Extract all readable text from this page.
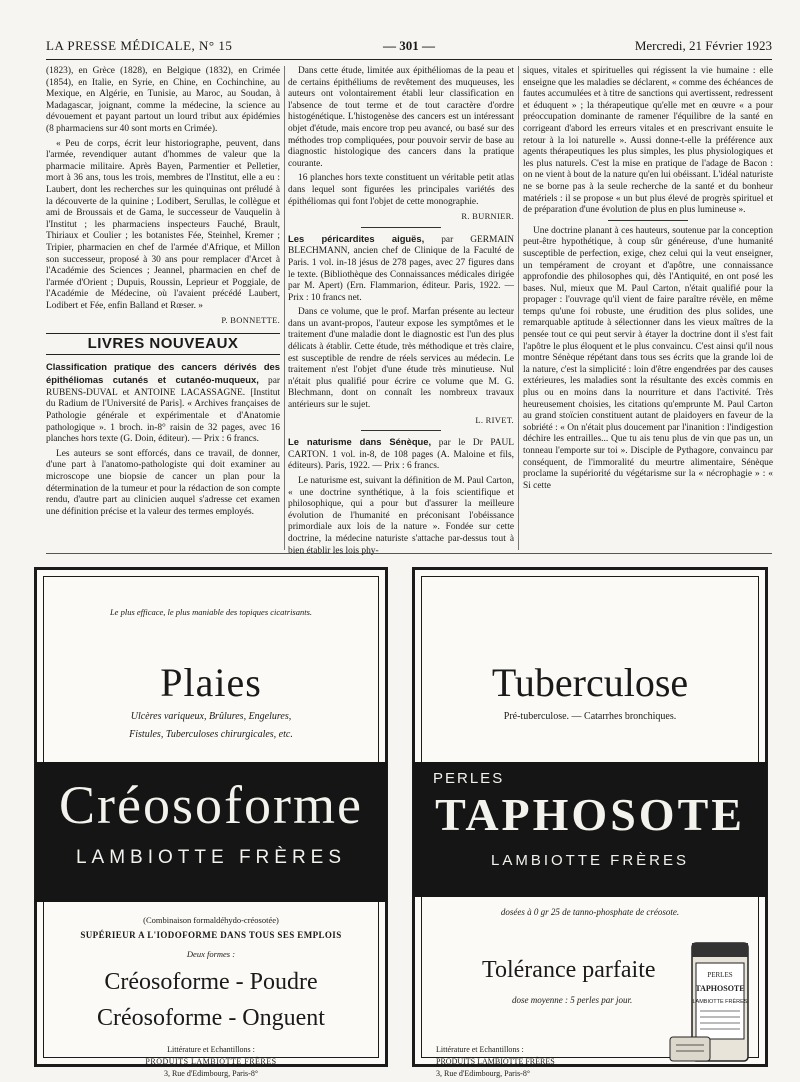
LA PRESSE MÉDICALE, N° 15	— 301 —	Mercredi, 21 Février 1923

(1823), en Grèce (1828), en Belgique (1832), en Crimée (1854), en Italie, en Syrie, en Chine, en Cochinchine, au Mexique, en Algérie, en Tunisie, au Maroc, au Soudan, à Madagascar, joignant, comme la médecine, la science au dévouement et payant partout un lourd tribut aux épidémies (8 pharmaciens sur 40 sont morts en Crimée).

« Peu de corps, écrit leur historiographe, peuvent, dans l'armée, revendiquer autant d'hommes de valeur que la pharmacie militaire. Après Bayen, Parmentier et Pelletier, mort à 36 ans, tous les trois, membres de l'Institut, elle a eu : Laubert, dont les recherches sur les quinquinas ont préludé à la découverte de la quinine ; Lodibert, Serullas, le collègue et ami de Broussais et de Gama, le successeur de Vauquelin à l'Institut ; les pharmaciens inspecteurs Fauché, Brault, Thiriaux et Coulier ; les botanistes Fée, Steinhel, Kremer ; Tripier, pharmacien en chef de l'armée d'Afrique, et Millon son successeur, proposé à 30 ans pour remplacer d'Arcet à l'Académie des Sciences ; Jeannel, pharmacien en chef de l'armée d'Orient ; Dupuis, Roussin, Leprieur et Poggiale, de l'Académie de Médecine, où l'avaient précédé Laubert, Lodibert et Fée, enfin Balland et Rœser. »

P. BONNETTE.
LIVRES NOUVEAUX

Classification pratique des cancers dérivés des épithéliomas cutanés et cutanéo-muqueux, par RUBENS-DUVAL et ANTOINE LACASSAGNE. [Institut du Radium de l'Université de Paris]. « Archives françaises de Pathologie générale et expérimentale et d'Anatomie pathologique ». 1 broch. in-8° raisin de 32 pages, avec 16 planches hors texte (G. Doin, éditeur). — Prix : 6 francs.

Les auteurs se sont efforcés, dans ce travail, de donner, d'une part à l'anatomo-pathologiste qui doit examiner au microscope une biopsie de cancer un plan pour la détermination de la tumeur et pour la rédaction de son compte rendu, d'autre part au clinicien auquel s'adresse cet examen une définition précise et la valeur des termes employés.

Dans cette étude, limitée aux épithéliomas de la peau et de certains épithéliums de revêtement des muqueuses, les auteurs ont volontairement établi leur classification en l'absence de tout terme et de tout caractère d'ordre histogénétique. L'histogenèse des cancers est un intéressant objet d'étude, mais encore trop peu avancé, ou basé sur des méthodes trop compliquées, pour pouvoir servir de base au diagnostic histologique des cancers dans la pratique courante.

16 planches hors texte constituent un véritable petit atlas dans lequel sont figurées les principales variétés des épithéliomas qui font l'objet de cette monographie.

R. BURNIER.

Les péricardites aiguës, par GERMAIN BLECHMANN, ancien chef de Clinique de la Faculté de Paris. 1 vol. in-18 jésus de 278 pages, avec 27 figures dans le texte. (Bibliothèque des Connaissances médicales dirigée par M. Apert) (Ern. Flammarion, éditeur. Paris, 1922. — Prix : 10 francs net.

Dans ce volume, que le prof. Marfan présente au lecteur dans un avant-propos, l'auteur expose les symptômes et le traitement d'une maladie dont le diagnostic est l'un des plus délicats à établir. Cette étude, très méthodique et très claire, est susceptible de rendre de réels services au médecin. Le traitement n'est l'objet d'une étude très minutieuse. Nul n'était plus qualifié pour écrire ce volume que M. G. Blechmann, dont on connaît les nombreux travaux antérieurs sur le sujet.

L. RIVET.

Le naturisme dans Sénèque, par le Dr PAUL CARTON. 1 vol. in-8, de 108 pages (A. Maloine et fils, éditeurs). Paris, 1922. — Prix : 6 francs.

Le naturisme est, suivant la définition de M. Paul Carton, « une doctrine synthétique, à la fois scientifique et philosophique, qui a pour but d'assurer la meilleure évolution de l'humanité en préconisant l'obéissance primordiale aux lois de la nature ». Fondée sur cette doctrine, la médecine naturiste s'attache par-dessus tout à bien établir les lois phy-

siques, vitales et spirituelles qui régissent la vie humaine : elle enseigne que les maladies se déclarent, « comme des échéances de fautes accumulées et à titre de sanctions qui avertissent, redressent et éduquent » ; la thérapeutique qu'elle met en œuvre « a pour préoccupation dominante de ramener l'équilibre de la santé en corrigeant d'abord les erreurs vitales et en prescrivant ensuite le retour à la loi naturelle ». Aussi donne-t-elle la préférence aux agents thérapeutiques les plus simples, les plus physiologiques et les plus naturels. C'est la mise en pratique de l'adage de Bacon : on ne vient à bout de la nature qu'en lui obéissant. L'idéal naturiste ne se borne pas à la seule recherche de la santé et du bonheur matériels : il se propose « un but plus élevé de progrès spirituel et de préparation d'une évolution de plus en plus lumineuse ».

Une doctrine planant à ces hauteurs, soutenue par la conception peut-être hypothétique, à coup sûr généreuse, d'une humanité susceptible de perfection, exige, chez celui qui la veut enseigner, un tempérament de croyant et d'apôtre, une connaissance approfondie des philosophes qui, dès l'Antiquité, en ont posé les bases. Nul, mieux que M. Paul Carton, n'était qualifié pour la propager : l'ouvrage qu'il vient de faire paraître révèle, en même temps qu'une foi robuste, une érudition des plus solides, une remarquable aptitude à sélectionner dans les vieux maîtres de la pensée tout ce qui peut servir à étayer la doctrine dont il s'est fait l'apôtre le plus éloquent et le plus convaincu. C'est ainsi qu'il nous montre Sénèque répétant dans tous ses écrits que la grande loi de la nature, c'est la simplicité : loin d'être engendrées par des causes extérieures, les maladies sont la résultante des excès commis en plus ou en moins dans la nourriture et dans l'activité. Très heureusement choisies, les citations qu'emprunte M. Paul Carton au grand stoïcien constituent autant de plaidoyers en faveur de la sobriété : « On n'était plus doucement par l'inanition : l'indigestion déchire les entrailles... Que tu ais tenu plus de vin que pas un, un tonneau l'emporte sur toi ». Disciple de Pythagore, convaincu par conséquent, de l'immoralité du meurtre alimentaire, Sénèque proclame la supériorité du végétarisme sur la « nécrophagie » : « Si cette

Le plus efficace, le plus maniable des topiques cicatrisants.
Plaies
Ulcères variqueux, Brûlures, Engelures,
Fistules, Tuberculoses chirurgicales, etc.
Créosoforme
LAMBIOTTE FRÈRES
(Combinaison formaldéhydo-créosotée)
SUPÉRIEUR A L'IODOFORME DANS TOUS SES EMPLOIS
Deux formes :
Créosoforme - Poudre
Créosoforme - Onguent
Littérature et Echantillons :
PRODUITS LAMBIOTTE FRÈRES
3, Rue d'Edimbourg, Paris-8°
Tuberculose
Pré-tuberculose. — Catarrhes bronchiques.
PERLES
TAPHOSOTE
LAMBIOTTE FRÈRES
dosées à 0 gr 25 de tanno-phosphate de créosote.
Tolérance parfaite
dose moyenne : 5 perles par jour.
Littérature et Echantillons :
PRODUITS LAMBIOTTE FRÈRES
3, Rue d'Edimbourg, Paris-8°
PERLES
TAPHOSOTE
LAMBIOTTE FRÈRES
